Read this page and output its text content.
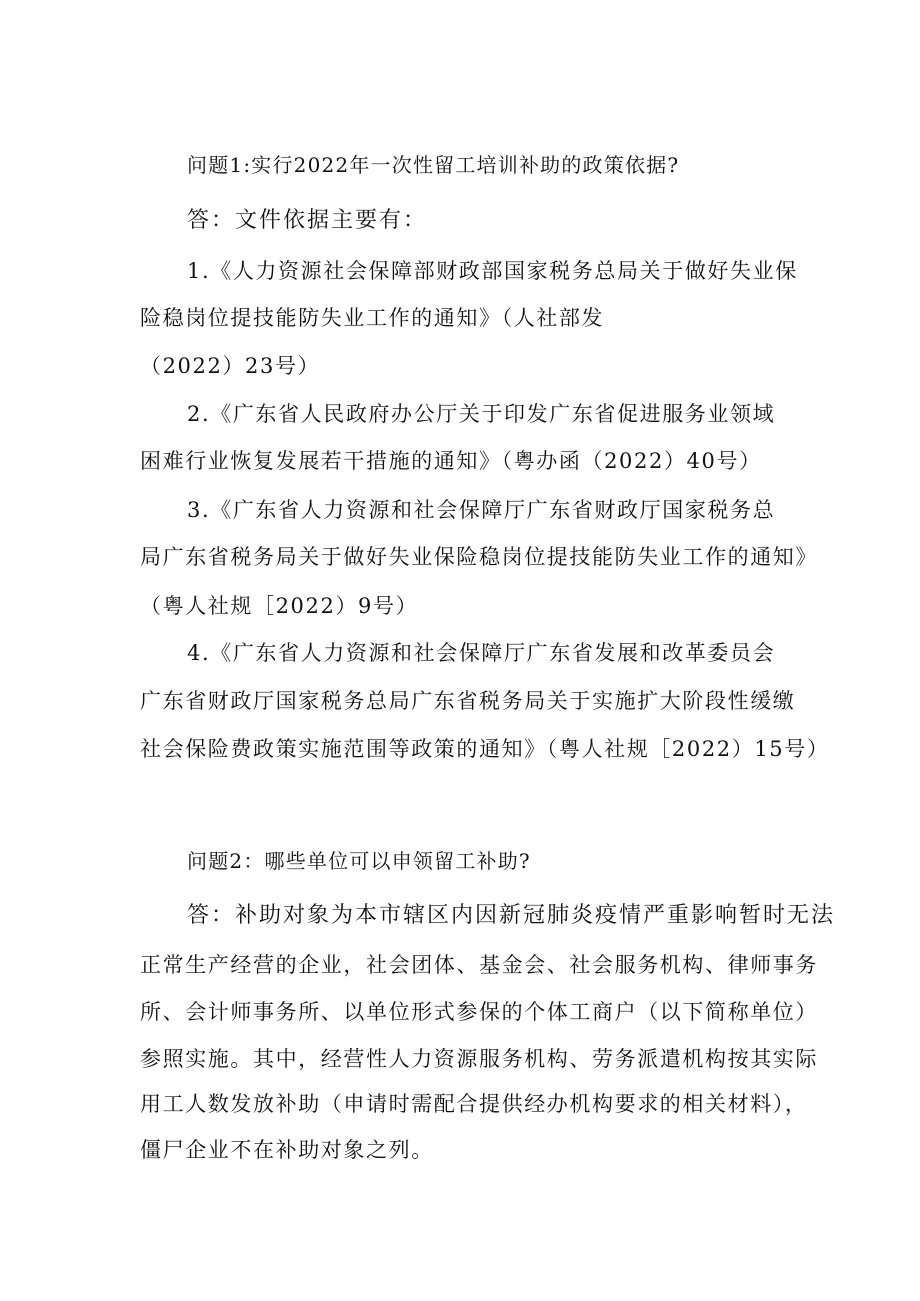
问题1:实行2022年一次性留工培训补助的政策依据?
答：文件依据主要有：
1.《人力资源社会保障部财政部国家税务总局关于做好失业保
险稳岗位提技能防失业工作的通知》（人社部发
（2022）23号）
2.《广东省人民政府办公厅关于印发广东省促进服务业领域
困难行业恢复发展若干措施的通知》（粤办函（2022）40号）
3.《广东省人力资源和社会保障厅广东省财政厅国家税务总
局广东省税务局关于做好失业保险稳岗位提技能防失业工作的通知》
（粤人社规［2022）9号）
4.《广东省人力资源和社会保障厅广东省发展和改革委员会
广东省财政厅国家税务总局广东省税务局关于实施扩大阶段性缓缴
社会保险费政策实施范围等政策的通知》（粤人社规［2022）15号）
问题2：哪些单位可以申领留工补助?
答：补助对象为本市辖区内因新冠肺炎疫情严重影响暂时无法
正常生产经营的企业，社会团体、基金会、社会服务机构、律师事务
所、会计师事务所、以单位形式参保的个体工商户（以下简称单位）
参照实施。其中，经营性人力资源服务机构、劳务派遣机构按其实际
用工人数发放补助（申请时需配合提供经办机构要求的相关材料），
僵尸企业不在补助对象之列。
